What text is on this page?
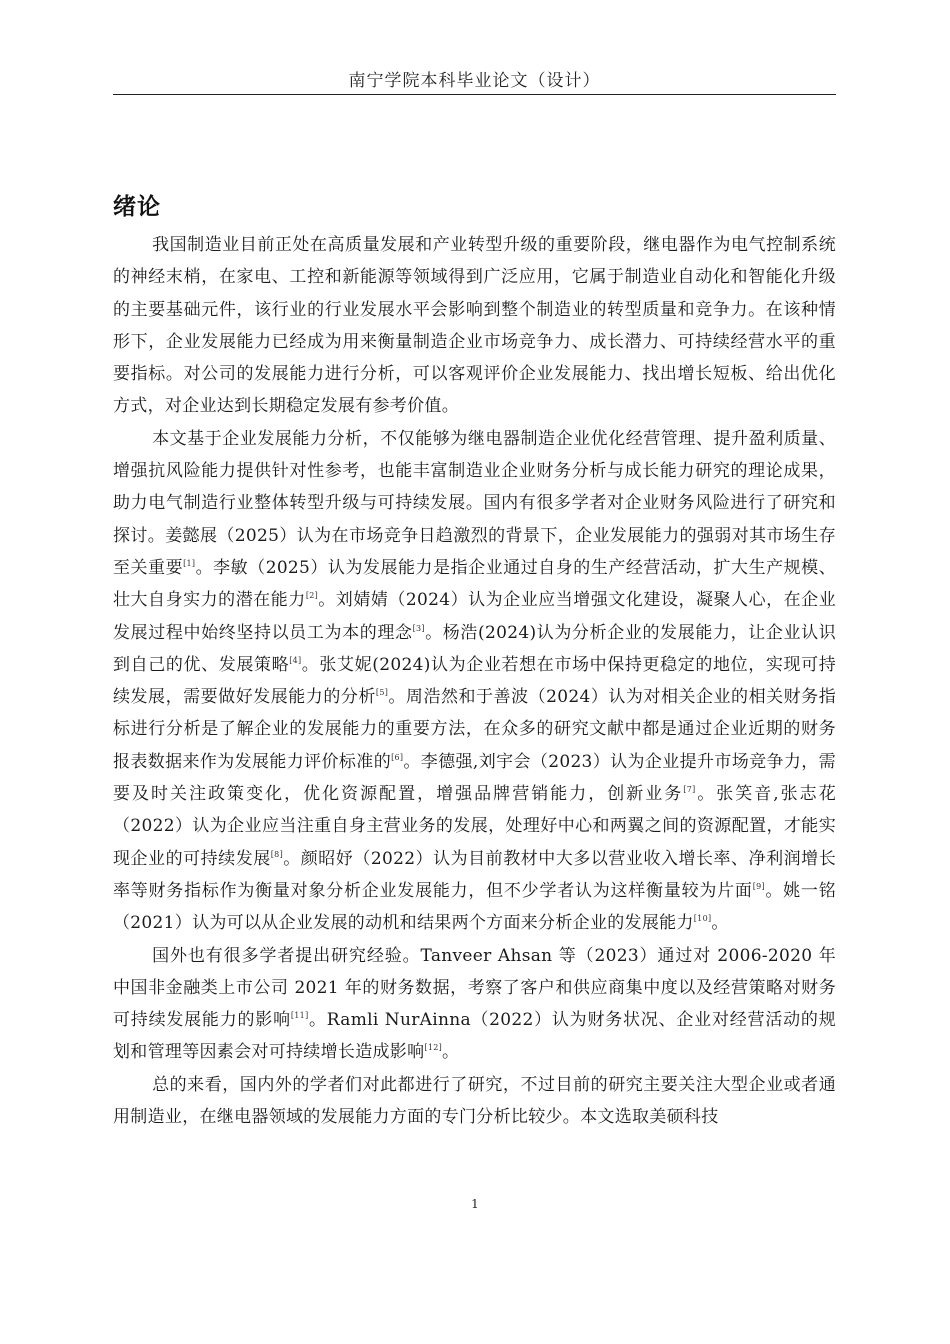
南宁学院本科毕业论文（设计）
绪论

我国制造业目前正处在高质量发展和产业转型升级的重要阶段，继电器作为电气控制系统的神经末梢，在家电、工控和新能源等领域得到广泛应用，它属于制造业自动化和智能化升级的主要基础元件，该行业的行业发展水平会影响到整个制造业的转型质量和竞争力。在该种情形下，企业发展能力已经成为用来衡量制造企业市场竞争力、成长潜力、可持续经营水平的重要指标。对公司的发展能力进行分析，可以客观评价企业发展能力、找出增长短板、给出优化方式，对企业达到长期稳定发展有参考价值。

本文基于企业发展能力分析，不仅能够为继电器制造企业优化经营管理、提升盈利质量、增强抗风险能力提供针对性参考，也能丰富制造业企业财务分析与成长能力研究的理论成果，助力电气制造行业整体转型升级与可持续发展。国内有很多学者对企业财务风险进行了研究和探讨。姜懿展（2025）认为在市场竞争日趋激烈的背景下，企业发展能力的强弱对其市场生存至关重要[1]。李敏（2025）认为发展能力是指企业通过自身的生产经营活动，扩大生产规模、壮大自身实力的潜在能力[2]。刘婧婧（2024）认为企业应当增强文化建设，凝聚人心，在企业发展过程中始终坚持以员工为本的理念[3]。杨浩(2024)认为分析企业的发展能力，让企业认识到自己的优、发展策略[4]。张艾妮(2024)认为企业若想在市场中保持更稳定的地位，实现可持续发展，需要做好发展能力的分析[5]。周浩然和于善波（2024）认为对相关企业的相关财务指标进行分析是了解企业的发展能力的重要方法，在众多的研究文献中都是通过企业近期的财务报表数据来作为发展能力评价标准的[6]。李德强,刘宇会（2023）认为企业提升市场竞争力，需要及时关注政策变化，优化资源配置，增强品牌营销能力，创新业务[7]。张笑音,张志花（2022）认为企业应当注重自身主营业务的发展，处理好中心和两翼之间的资源配置，才能实现企业的可持续发展[8]。颜昭妤（2022）认为目前教材中大多以营业收入增长率、净利润增长率等财务指标作为衡量对象分析企业发展能力，但不少学者认为这样衡量较为片面[9]。姚一铭（2021）认为可以从企业发展的动机和结果两个方面来分析企业的发展能力[10]。

国外也有很多学者提出研究经验。Tanveer Ahsan 等（2023）通过对 2006-2020 年中国非金融类上市公司 2021 年的财务数据，考察了客户和供应商集中度以及经营策略对财务可持续发展能力的影响[11]。Ramli NurAinna（2022）认为财务状况、企业对经营活动的规划和管理等因素会对可持续增长造成影响[12]。

总的来看，国内外的学者们对此都进行了研究，不过目前的研究主要关注大型企业或者通用制造业，在继电器领域的发展能力方面的专门分析比较少。本文选取美硕科技

1
